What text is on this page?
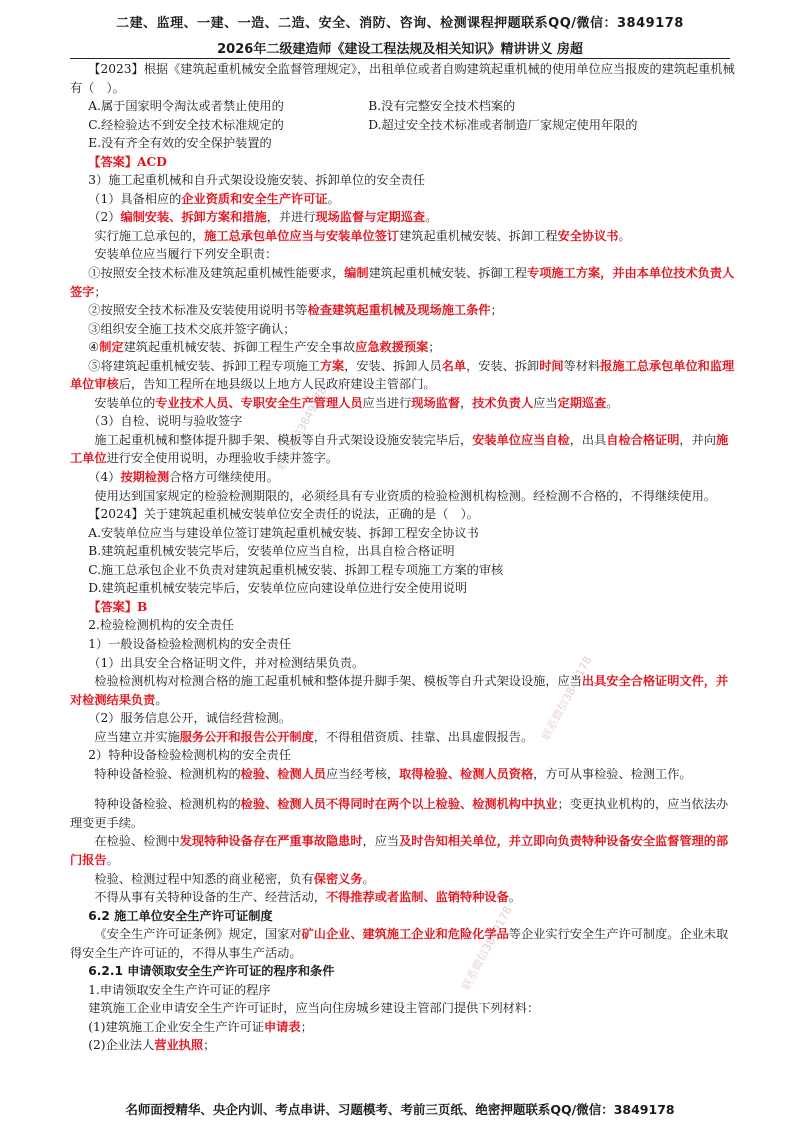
二建、监理、一建、一造、二造、安全、消防、咨询、检测课程押题联系QQ/微信：3849178
2026年二级建造师《建设工程法规及相关知识》精讲讲义 房超
联系微信3849178
联系微信3849178
联系微信3849178

【2023】根据《建筑起重机械安全监督管理规定》，出租单位或者自购建筑起重机械的使用单位应当报废的建筑起重机械有（　）。

A.属于国家明令淘汰或者禁止使用的	B.没有完整安全技术档案的
C.经检验达不到安全技术标准规定的	D.超过安全技术标准或者制造厂家规定使用年限的
E.没有齐全有效的安全保护装置的

【答案】ACD

3）施工起重机械和自升式架设设施安装、拆卸单位的安全责任

（1）具备相应的企业资质和安全生产许可证。

（2）编制安装、拆卸方案和措施，并进行现场监督与定期巡查。

实行施工总承包的，施工总承包单位应当与安装单位签订建筑起重机械安装、拆卸工程安全协议书。

安装单位应当履行下列安全职责：

①按照安全技术标准及建筑起重机械性能要求，编制建筑起重机械安装、拆御工程专项施工方案，并由本单位技术负责人签字；

②按照安全技术标准及安装使用说明书等检查建筑起重机械及现场施工条件；

③组织安全施工技术交底并签字确认；

④制定建筑起重机械安装、拆御工程生产安全事故应急救援预案；

⑤将建筑起重机械安装、拆卸工程专项施工方案，安装、拆卸人员名单，安装、拆卸时间等材料报施工总承包单位和监理单位审核后，告知工程所在地县级以上地方人民政府建设主管部门。

安装单位的专业技术人员、专职安全生产管理人员应当进行现场监督，技术负责人应当定期巡查。

（3）自检、说明与验收签字

施工起重机械和整体提升脚手架、模板等自升式架设设施安装完毕后，安装单位应当自检，出具自检合格证明，并向施工单位进行安全使用说明，办理验收手续并签字。

（4）按期检测合格方可继续使用。

使用达到国家规定的检验检测期限的，必须经具有专业资质的检验检测机构检测。经检测不合格的，不得继续使用。

【2024】关于建筑起重机械安装单位安全责任的说法，正确的是（　）。

A.安装单位应当与建设单位签订建筑起重机械安装、拆卸工程安全协议书

B.建筑起重机械安装完毕后，安装单位应当自检，出具自检合格证明

C.施工总承包企业不负责对建筑起重机械安装、拆卸工程专项施工方案的审核

D.建筑起重机械安装完毕后，安装单位应向建设单位进行安全使用说明

【答案】B

2.检验检测机构的安全责任

1）一般设备检验检测机构的安全责任

（1）出具安全合格证明文件，并对检测结果负责。

检验检测机构对检测合格的施工起重机械和整体提升脚手架、模板等自升式架设设施，应当出具安全合格证明文件，并对检测结果负责。

（2）服务信息公开，诚信经营检测。

应当建立并实施服务公开和报告公开制度，不得租借资质、挂靠、出具虚假报告。

2）特种设备检验检测机构的安全责任

特种设备检验、检测机构的检验、检测人员应当经考核，取得检验、检测人员资格，方可从事检验、检测工作。

特种设备检验、检测机构的检验、检测人员不得同时在两个以上检验、检测机构中执业；变更执业机构的，应当依法办理变更手续。

在检验、检测中发现特种设备存在严重事故隐患时，应当及时告知相关单位，并立即向负责特种设备安全监督管理的部门报告。

检验、检测过程中知悉的商业秘密，负有保密义务。

不得从事有关特种设备的生产、经营活动，不得推荐或者监制、监销特种设备。

6.2 施工单位安全生产许可证制度

《安全生产许可证条例》规定，国家对矿山企业、建筑施工企业和危险化学品等企业实行安全生产许可制度。企业未取得安全生产许可证的，不得从事生产活动。

6.2.1 申请领取安全生产许可证的程序和条件

1.申请领取安全生产许可证的程序

建筑施工企业申请安全生产许可证时，应当向住房城乡建设主管部门提供下列材料：

(1)建筑施工企业安全生产许可证申请表；

(2)企业法人营业执照；

名师面授精华、央企内训、考点串讲、习题模考、考前三页纸、绝密押题联系QQ/微信：3849178
